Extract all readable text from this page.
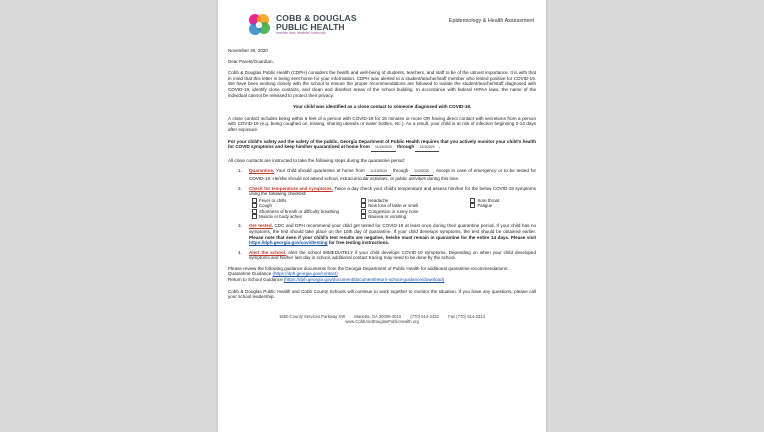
COBB & DOUGLAS
PUBLIC HEALTH
healthier lives, healthier community
Epidemiology & Health Assessment

November 30, 2020

Dear Parent/Guardian,

Cobb & Douglas Public Health (CDPH) considers the health and well-being of students, teachers, and staff to be of the utmost importance. It is with that in mind that this letter is being sent home for your information. CDPH was alerted to a student/teacher/staff member who tested positive for COVID-19. We have been working closely with the school to ensure the proper recommendations are followed to isolate the student/teacher/staff diagnosed with COVID-19, identify close contacts, and clean and disinfect areas of the school building. In accordance with federal HIPAA laws, the name of the individual cannot be released to protect their privacy.

Your child was identified as a close contact to someone diagnosed with COVID-19.

A close contact includes being within 6 feet of a person with COVID-19 for 15 minutes or more OR having direct contact with secretions from a person with COVID-19 (e.g. being coughed on, kissing, sharing utensils or water bottles, etc.). As a result, your child is at risk of infection beginning 2-14 days after exposure.

For your child's safety and the safety of the public, Georgia Department of Public Health requires that you actively monitor your child's health for COVID symptoms and keep him/her quarantined at home from 11/19/2020 through 12/3/2020 .

All close contacts are instructed to take the following steps during the quarantine period:

1.	Quarantine. Your child should quarantine at home from 11/19/2020 through 12/3/2020 , except in case of emergency or to be tested for COVID-19. He/she should not attend school, extracurricular activities, or public activities during this time.

2.	Check for temperature and symptoms. Twice a day check your child's temperature and assess him/her for the below COVID-19 symptoms using the following checklist:

Fever or chills	Headache	Sore throat
Cough	New loss of taste or smell	Fatigue
Shortness of breath or difficulty breathing	Congestion or runny nose
Muscle or body aches	Nausea or vomiting
3.	Get tested. CDC and DPH recommend your child get tested for COVID-19 at least once during their quarantine period. If your child has no symptoms, the test should take place on the 10th day of quarantine. If your child develops symptoms, the test should be obtained earlier. Please note that even if your child's test results are negative, he/she must remain in quarantine for the entire 14 days. Please visit https://dph.georgia.gov/covidtesting for free testing instructions.

4.	Alert the school. Alert the school IMMEDIATELY if your child develops COVID-19 symptoms. Depending on when your child developed symptoms and his/her last day in school, additional contact tracing may need to be done by the school.

Please review the following guidance documents from the Georgia Department of Public Health for additional quarantine recommendations:

Quarantine Guidance (https://dph.georgia.gov/contact)

Return to School Guidance (https://dph.georgia.gov/document/document/return-school-guidance/download)

Cobb & Douglas Public Health and Cobb County Schools will continue to work together to monitor the situation. If you have any questions, please call your school leadership.

1650 County Services Parkway SW Marietta, GA 30008-4010 (770) 514-2432 Fax (770) 514-2313
www.CobbAndDouglasPublicHealth.org
